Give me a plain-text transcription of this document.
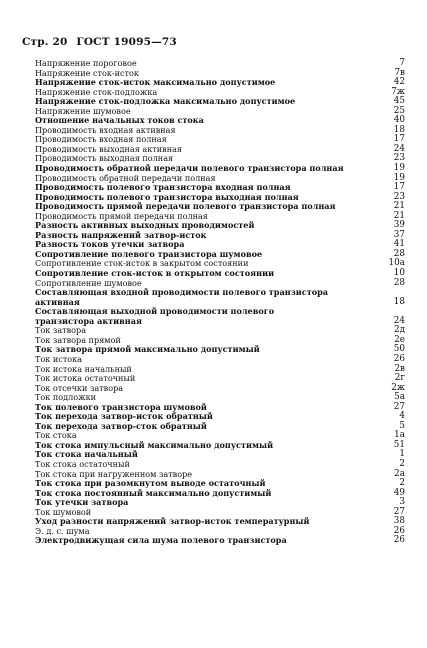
Стр. 20 ГОСТ 19095—73
Напряжение пороговое	7
Напряжение сток-исток	7в
Напряжение сток-исток максимально допустимое	42
Напряжение сток-подложка	7ж
Напряжение сток-подложка максимально допустимое	45
Напряжение шумовое	25
Отношение начальных токов стока	40
Проводимость входная активная	18
Проводимость входная полная	17
Проводимость выходная активная	24
Проводимость выходная полная	23
Проводимость обратной передачи полевого транзистора полная	19
Проводимость обратной передачи полная	19
Проводимость полевого транзистора входная полная	17
Проводимость полевого транзистора выходная полная	23
Проводимость прямой передачи полевого транзистора полная	21
Проводимость прямой передачи полная	21
Разность активных выходных проводимостей	39
Разность напряжений затвор-исток	37
Разность токов утечки затвора	41
Сопротивление полевого транзистора шумовое	28
Сопротивление сток-исток в закрытом состоянии	10а
Сопротивление сток-исток в открытом состоянии	10
Сопротивление шумовое	28
Составляющая входной проводимости полевого транзистора активная	18
Составляющая выходной проводимости полевого транзистора активная	24
Ток затвора	2д
Ток затвора прямой	2е
Ток затвора прямой максимально допустимый	50
Ток истока	26
Ток истока начальный	2в
Ток истока остаточный	2г
Ток отсечки затвора	2ж
Ток подложки	5а
Ток полевого транзистора шумовой	27
Ток перехода затвор-исток обратный	4
Ток перехода затвор-сток обратный	5
Ток стока	1а
Ток стока импульсный максимально допустимый	51
Ток стока начальный	1
Ток стока остаточный	2
Ток стока при нагруженном затворе	2а
Ток стока при разомкнутом выводе остаточный	2
Ток стока постоянный максимально допустимый	49
Ток утечки затвора	3
Ток шумовой	27
Уход разности напряжений затвор-исток температурный	38
Э. д. с. шума	26
Электродвижущая сила шума полевого транзистора	26
